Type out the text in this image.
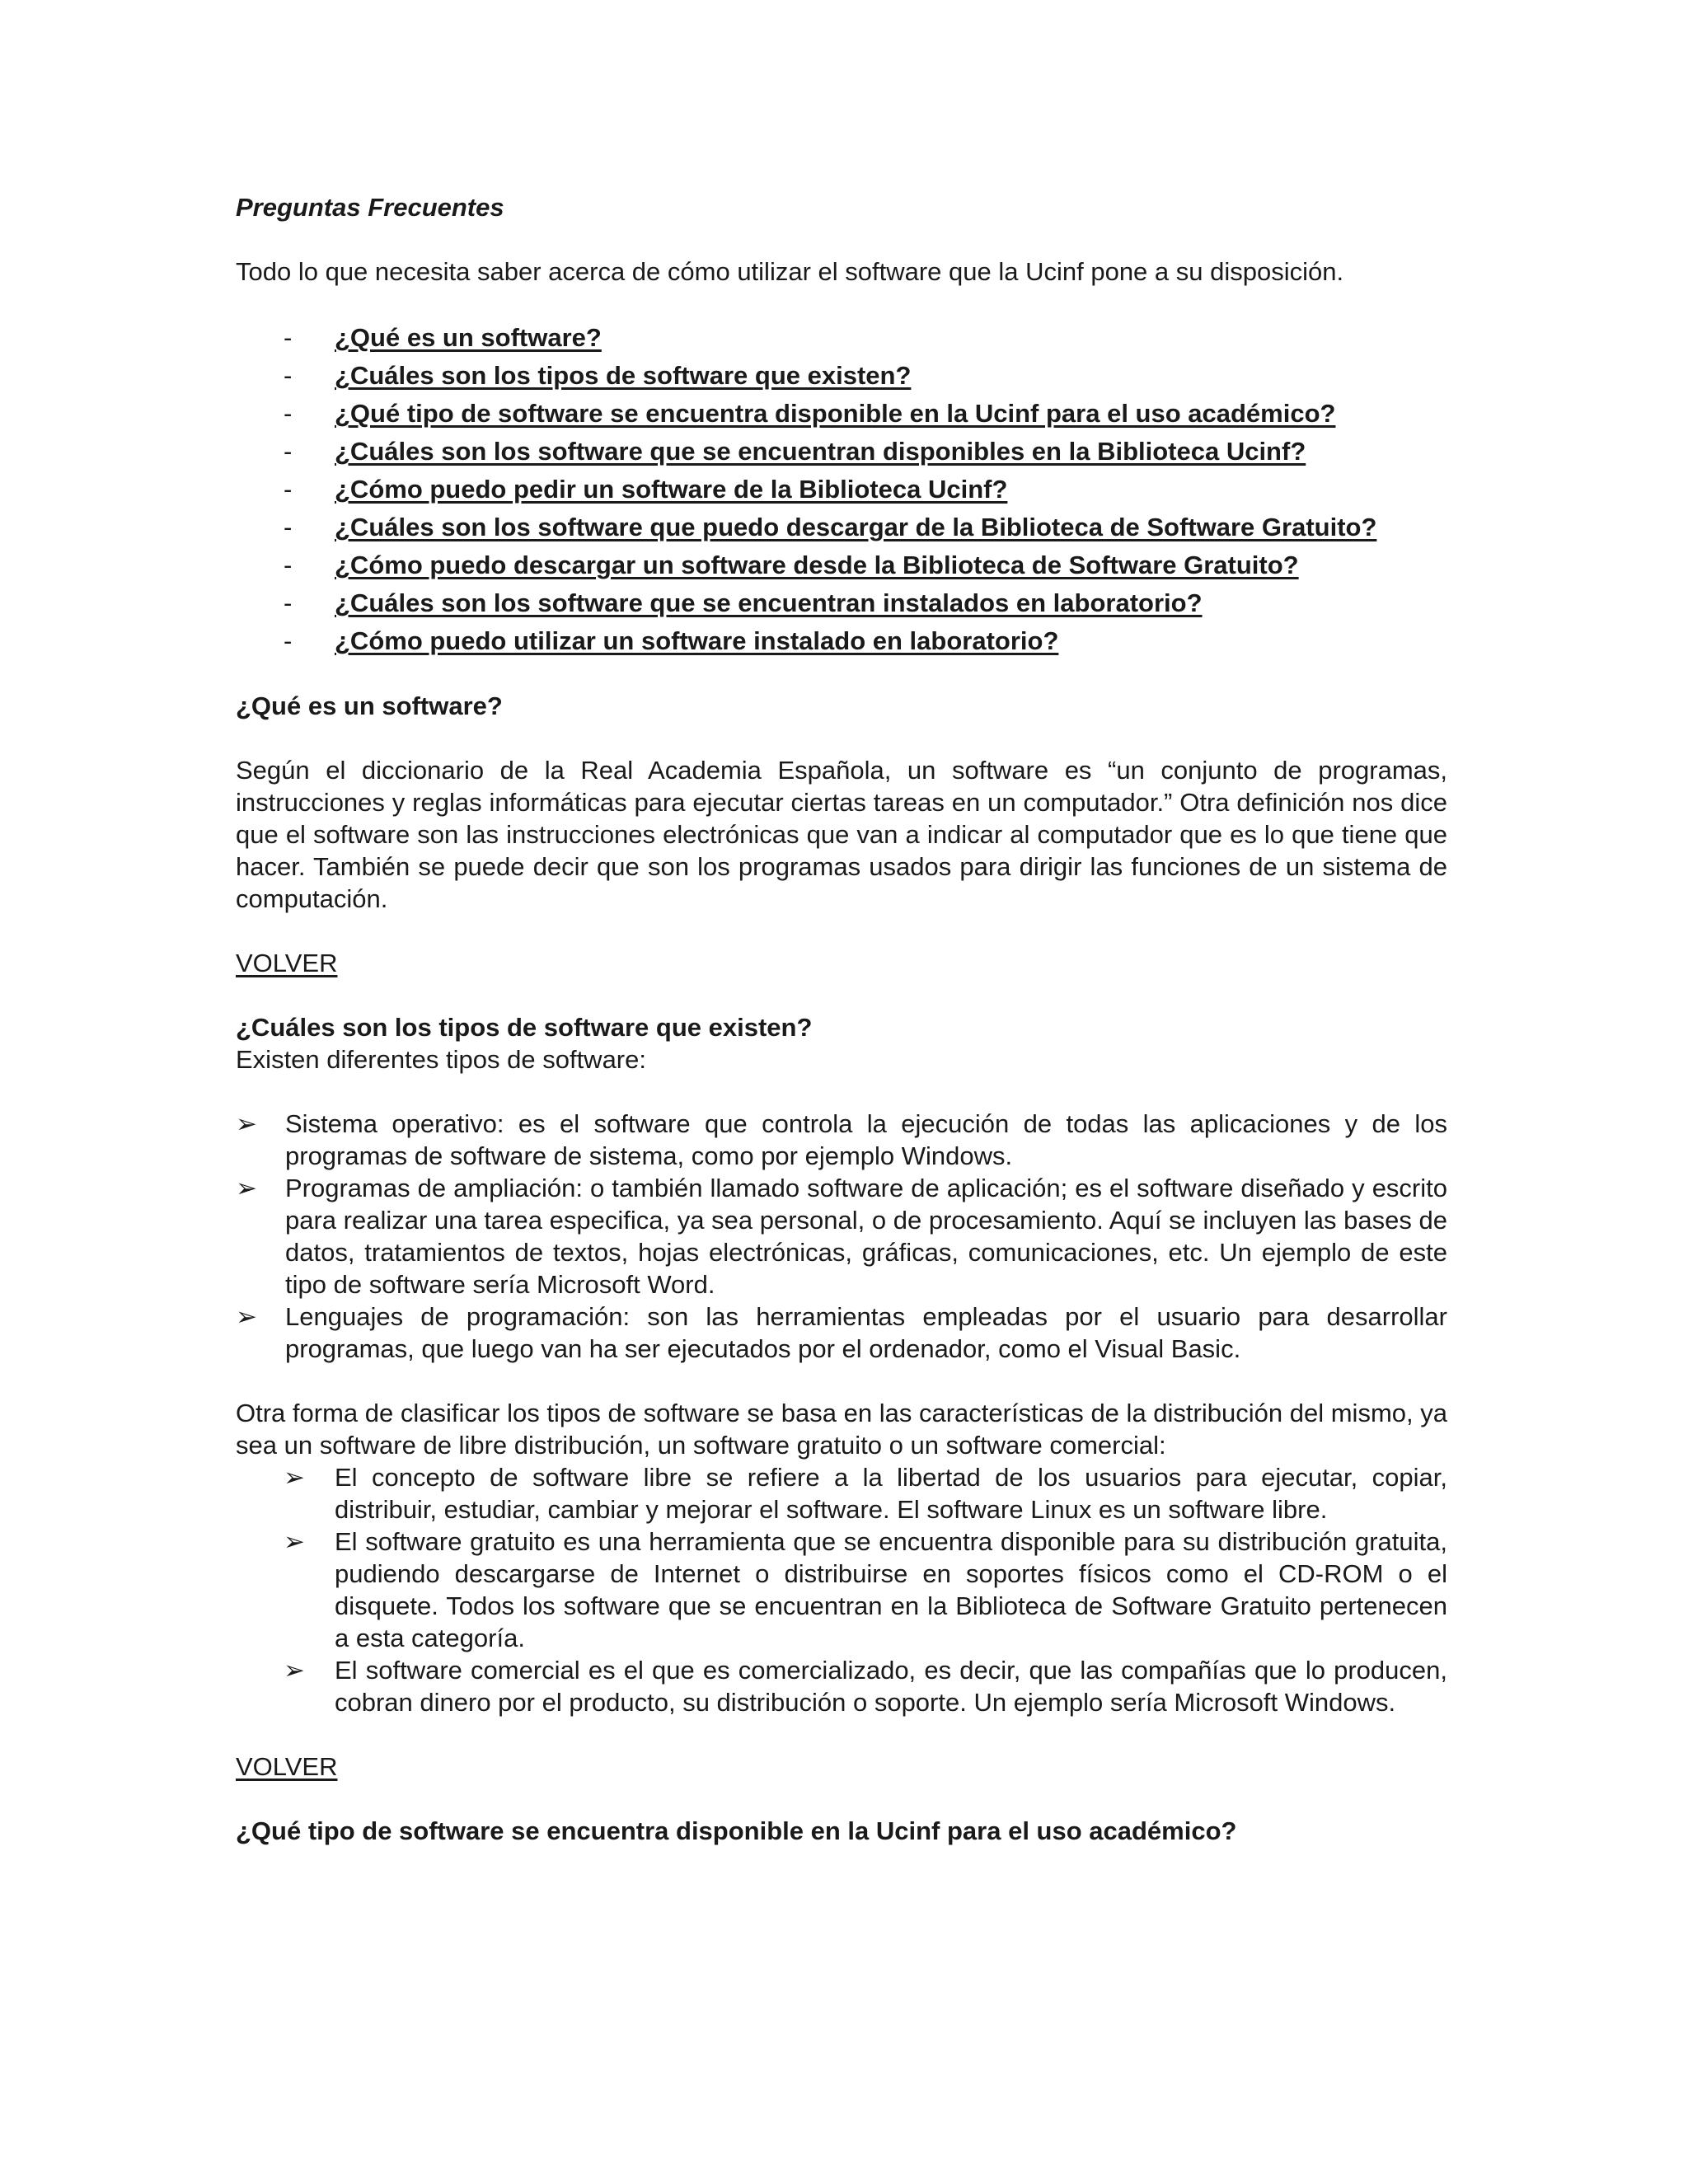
Preguntas Frecuentes

Todo lo que necesita saber acerca de cómo utilizar el software que la Ucinf pone a su disposición.

- ¿Qué es un software?
- ¿Cuáles son los tipos de software que existen?
- ¿Qué tipo de software se encuentra disponible en la Ucinf para el uso académico?
- ¿Cuáles son los software que se encuentran disponibles en la Biblioteca Ucinf?
- ¿Cómo puedo pedir un software de la Biblioteca Ucinf?
- ¿Cuáles son los software que puedo descargar de la Biblioteca de Software Gratuito?
- ¿Cómo puedo descargar un software desde la Biblioteca de Software Gratuito?
- ¿Cuáles son los software que se encuentran instalados en laboratorio?
- ¿Cómo puedo utilizar un software instalado en laboratorio?
¿Qué es un software?

Según el diccionario de la Real Academia Española, un software es “un conjunto de programas, instrucciones y reglas informáticas para ejecutar ciertas tareas en un computador.” Otra definición nos dice que el software son las instrucciones electrónicas que van a indicar al computador que es lo que tiene que hacer. También se puede decir que son los programas usados para dirigir las funciones de un sistema de computación.

VOLVER
¿Cuáles son los tipos de software que existen?

Existen diferentes tipos de software:

➢ Sistema operativo: es el software que controla la ejecución de todas las aplicaciones y de los programas de software de sistema, como por ejemplo Windows.
➢ Programas de ampliación: o también llamado software de aplicación; es el software diseñado y escrito para realizar una tarea especifica, ya sea personal, o de procesamiento. Aquí se incluyen las bases de datos, tratamientos de textos, hojas electrónicas, gráficas, comunicaciones, etc. Un ejemplo de este tipo de software sería Microsoft Word.
➢ Lenguajes de programación: son las herramientas empleadas por el usuario para desarrollar programas, que luego van ha ser ejecutados por el ordenador, como el Visual Basic.

Otra forma de clasificar los tipos de software se basa en las características de la distribución del mismo, ya sea un software de libre distribución, un software gratuito o un software comercial:

➢ El concepto de software libre se refiere a la libertad de los usuarios para ejecutar, copiar, distribuir, estudiar, cambiar y mejorar el software. El software Linux es un software libre.
➢ El software gratuito es una herramienta que se encuentra disponible para su distribución gratuita, pudiendo descargarse de Internet o distribuirse en soportes físicos como el CD-ROM o el disquete. Todos los software que se encuentran en la Biblioteca de Software Gratuito pertenecen a esta categoría.
➢ El software comercial es el que es comercializado, es decir, que las compañías que lo producen, cobran dinero por el producto, su distribución o soporte. Un ejemplo sería Microsoft Windows.
VOLVER
¿Qué tipo de software se encuentra disponible en la Ucinf para el uso académico?
